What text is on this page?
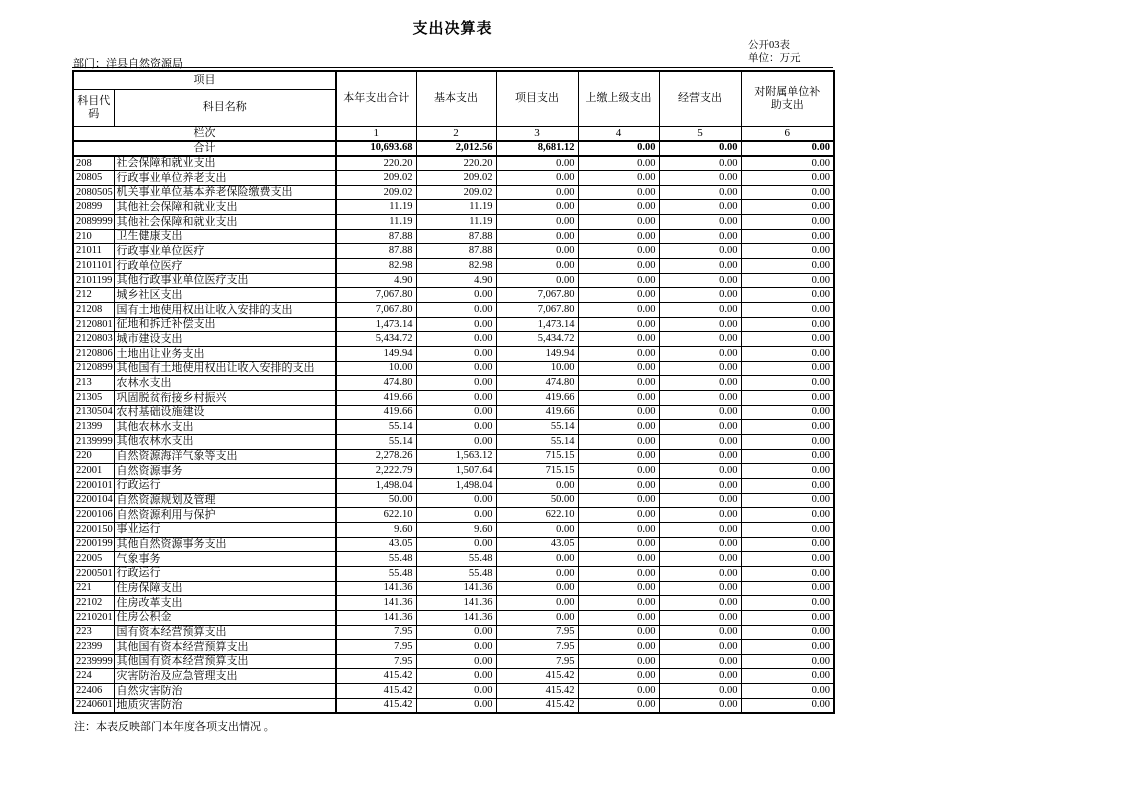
支出决算表
公开03表
单位：万元
部门：洋县自然资源局
项目		本年支出合计	基本支出	项目支出	上缴上级支出	经营支出	对附属单位补助支出
科目代码	科目名称						
栏次		1	2	3	4	5	6
合计		10,693.68	2,012.56	8,681.12	0.00	0.00	0.00
208	社会保障和就业支出	220.20	220.20	0.00	0.00	0.00	0.00
20805	行政事业单位养老支出	209.02	209.02	0.00	0.00	0.00	0.00
2080505	机关事业单位基本养老保险缴费支出	209.02	209.02	0.00	0.00	0.00	0.00
20899	其他社会保障和就业支出	11.19	11.19	0.00	0.00	0.00	0.00
2089999	其他社会保障和就业支出	11.19	11.19	0.00	0.00	0.00	0.00
210	卫生健康支出	87.88	87.88	0.00	0.00	0.00	0.00
21011	行政事业单位医疗	87.88	87.88	0.00	0.00	0.00	0.00
2101101	行政单位医疗	82.98	82.98	0.00	0.00	0.00	0.00
2101199	其他行政事业单位医疗支出	4.90	4.90	0.00	0.00	0.00	0.00
212	城乡社区支出	7,067.80	0.00	7,067.80	0.00	0.00	0.00
21208	国有土地使用权出让收入安排的支出	7,067.80	0.00	7,067.80	0.00	0.00	0.00
2120801	征地和拆迁补偿支出	1,473.14	0.00	1,473.14	0.00	0.00	0.00
2120803	城市建设支出	5,434.72	0.00	5,434.72	0.00	0.00	0.00
2120806	土地出让业务支出	149.94	0.00	149.94	0.00	0.00	0.00
2120899	其他国有土地使用权出让收入安排的支出	10.00	0.00	10.00	0.00	0.00	0.00
213	农林水支出	474.80	0.00	474.80	0.00	0.00	0.00
21305	巩固脱贫衔接乡村振兴	419.66	0.00	419.66	0.00	0.00	0.00
2130504	农村基础设施建设	419.66	0.00	419.66	0.00	0.00	0.00
21399	其他农林水支出	55.14	0.00	55.14	0.00	0.00	0.00
2139999	其他农林水支出	55.14	0.00	55.14	0.00	0.00	0.00
220	自然资源海洋气象等支出	2,278.26	1,563.12	715.15	0.00	0.00	0.00
22001	自然资源事务	2,222.79	1,507.64	715.15	0.00	0.00	0.00
2200101	行政运行	1,498.04	1,498.04	0.00	0.00	0.00	0.00
2200104	自然资源规划及管理	50.00	0.00	50.00	0.00	0.00	0.00
2200106	自然资源利用与保护	622.10	0.00	622.10	0.00	0.00	0.00
2200150	事业运行	9.60	9.60	0.00	0.00	0.00	0.00
2200199	其他自然资源事务支出	43.05	0.00	43.05	0.00	0.00	0.00
22005	气象事务	55.48	55.48	0.00	0.00	0.00	0.00
2200501	行政运行	55.48	55.48	0.00	0.00	0.00	0.00
221	住房保障支出	141.36	141.36	0.00	0.00	0.00	0.00
22102	住房改革支出	141.36	141.36	0.00	0.00	0.00	0.00
2210201	住房公积金	141.36	141.36	0.00	0.00	0.00	0.00
223	国有资本经营预算支出	7.95	0.00	7.95	0.00	0.00	0.00
22399	其他国有资本经营预算支出	7.95	0.00	7.95	0.00	0.00	0.00
2239999	其他国有资本经营预算支出	7.95	0.00	7.95	0.00	0.00	0.00
224	灾害防治及应急管理支出	415.42	0.00	415.42	0.00	0.00	0.00
22406	自然灾害防治	415.42	0.00	415.42	0.00	0.00	0.00
2240601	地质灾害防治	415.42	0.00	415.42	0.00	0.00	0.00
注：本表反映部门本年度各项支出情况 。
